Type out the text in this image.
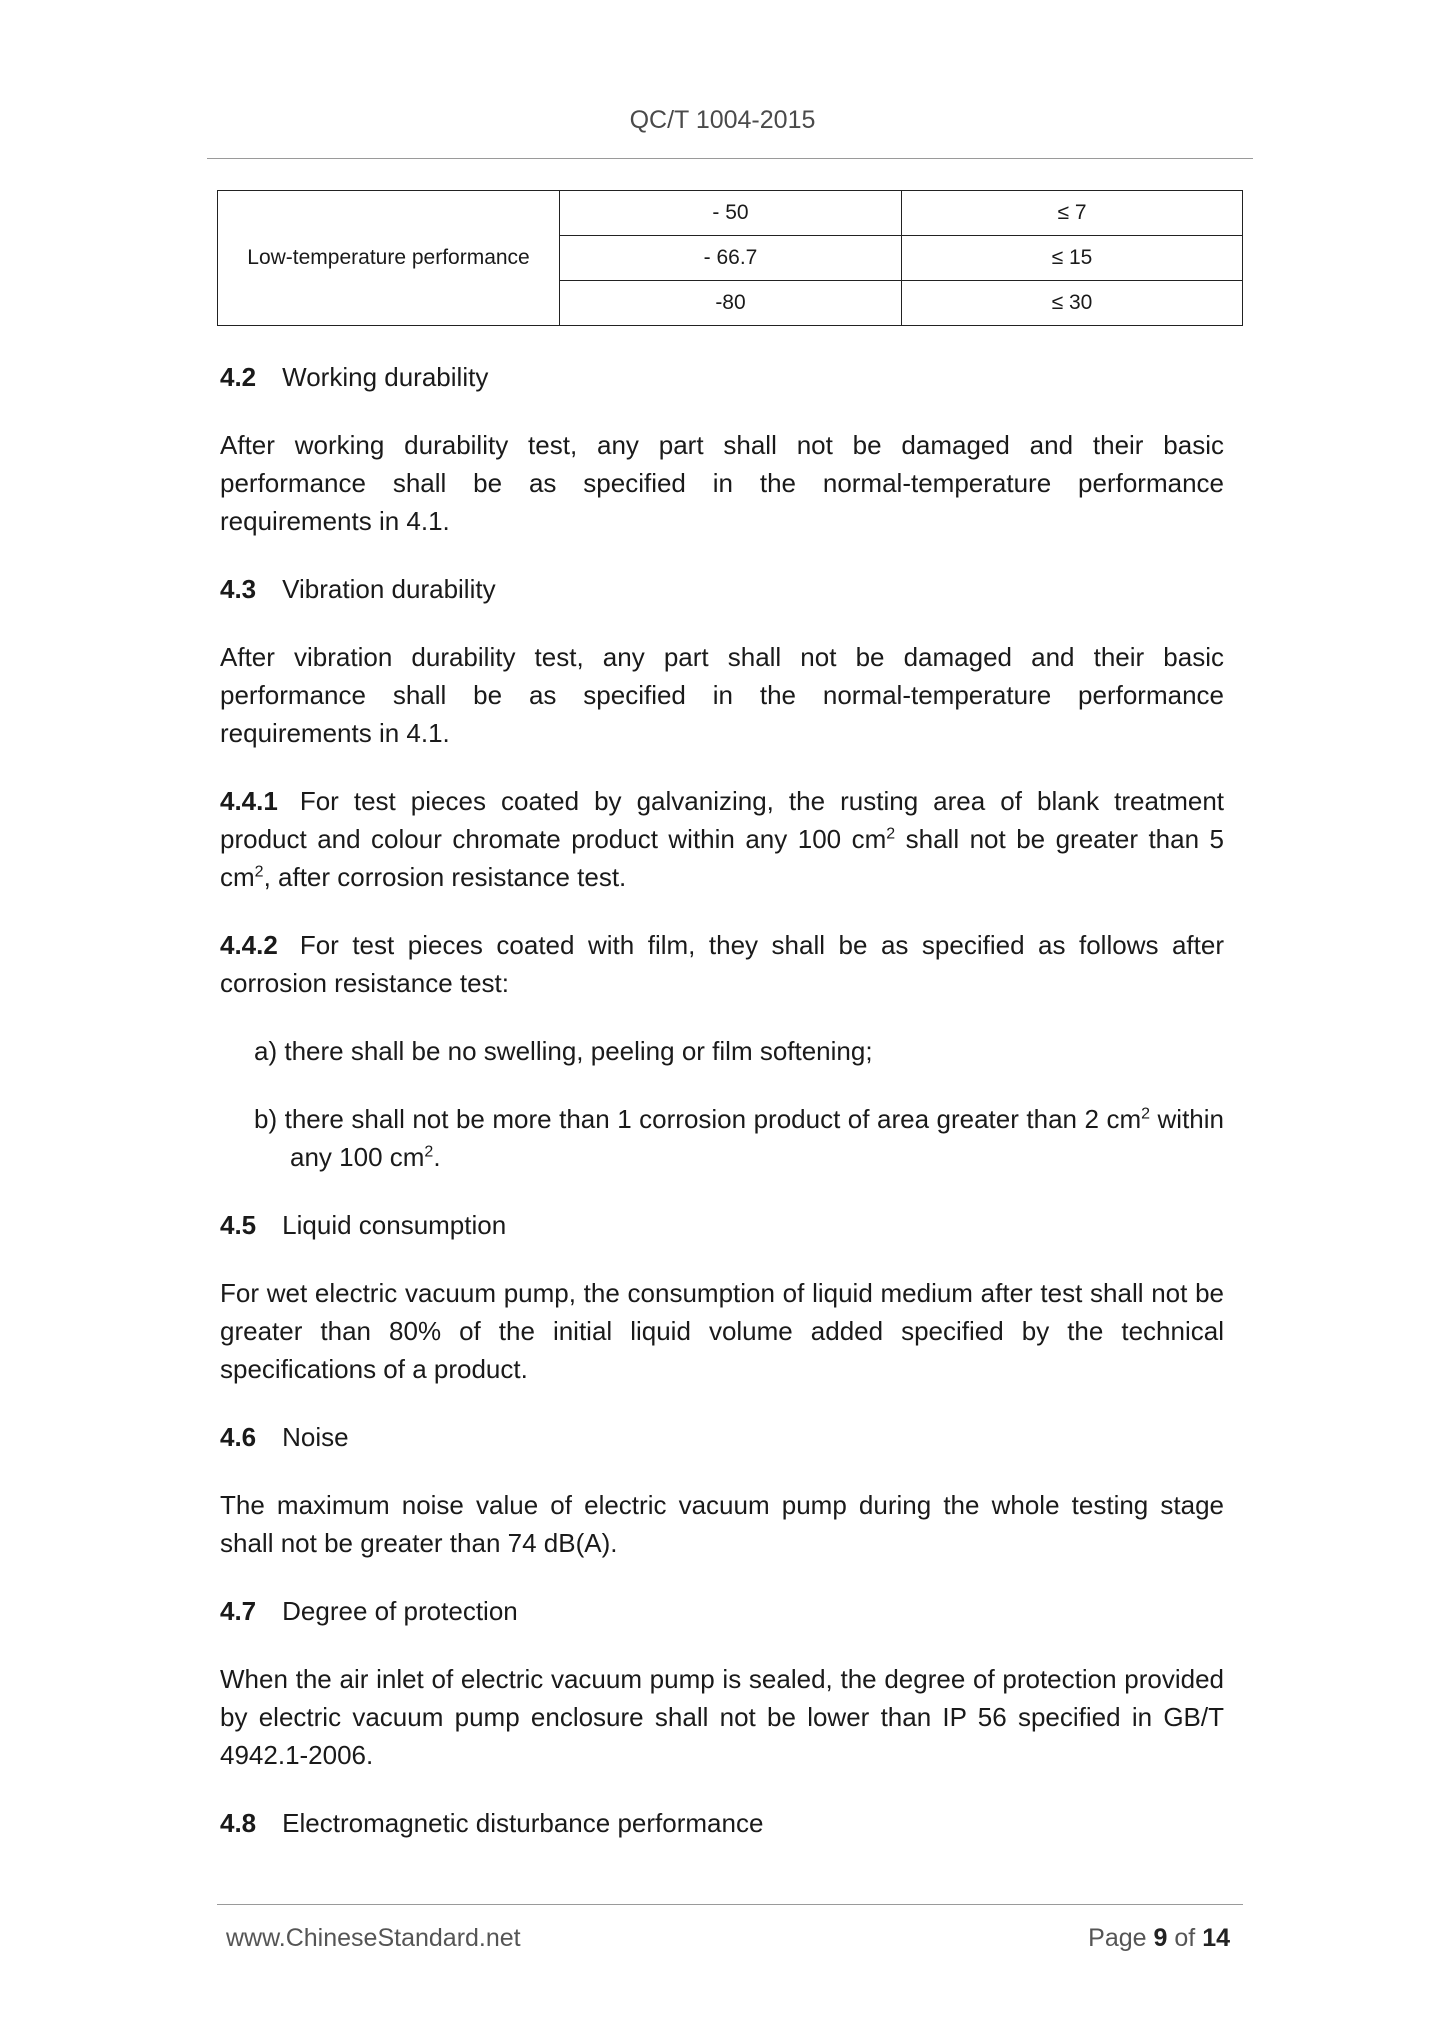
QC/T 1004-2015
Low-temperature performance	- 50	≤ 7
	- 66.7	≤ 15
	-80	≤ 30
4.2 Working durability
After working durability test, any part shall not be damaged and their basic performance shall be as specified in the normal-temperature performance requirements in 4.1.
4.3 Vibration durability
After vibration durability test, any part shall not be damaged and their basic performance shall be as specified in the normal-temperature performance requirements in 4.1.
4.4.1 For test pieces coated by galvanizing, the rusting area of blank treatment product and colour chromate product within any 100 $cm^2$ shall not be greater than 5 $cm^2$, after corrosion resistance test.
4.4.2 For test pieces coated with film, they shall be as specified as follows after corrosion resistance test:
a) there shall be no swelling, peeling or film softening;
b) there shall not be more than 1 corrosion product of area greater than 2 $cm^2$ within any 100 $cm^2$.
4.5 Liquid consumption
For wet electric vacuum pump, the consumption of liquid medium after test shall not be greater than 80% of the initial liquid volume added specified by the technical specifications of a product.
4.6 Noise
The maximum noise value of electric vacuum pump during the whole testing stage shall not be greater than 74 dB(A).
4.7 Degree of protection
When the air inlet of electric vacuum pump is sealed, the degree of protection provided by electric vacuum pump enclosure shall not be lower than IP 56 specified in GB/T 4942.1-2006.
4.8 Electromagnetic disturbance performance
www.ChineseStandard.net	Page 9 of 14
